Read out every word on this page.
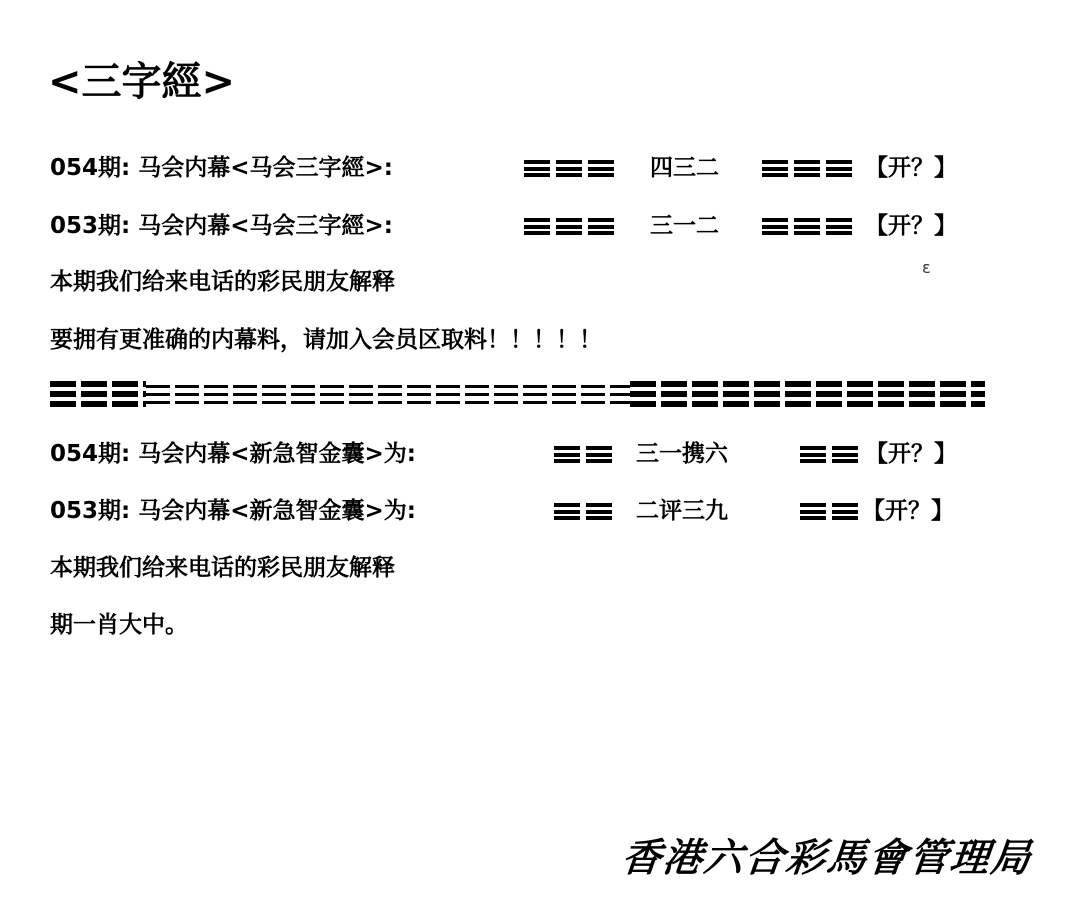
<三字經>
054期: 马会内幕<马会三字經>:	四三二	【开？】
053期: 马会内幕<马会三字經>:	三一二	【开？】
本期我们给来电话的彩民朋友解释
ε
要拥有更准确的内幕料，请加入会员区取料！！！！！
054期: 马会内幕<新急智金囊>为:	三一携六	【开？】
053期: 马会内幕<新急智金囊>为:	二评三九	【开？】
本期我们给来电话的彩民朋友解释
期一肖大中。
香港六合彩馬會管理局
